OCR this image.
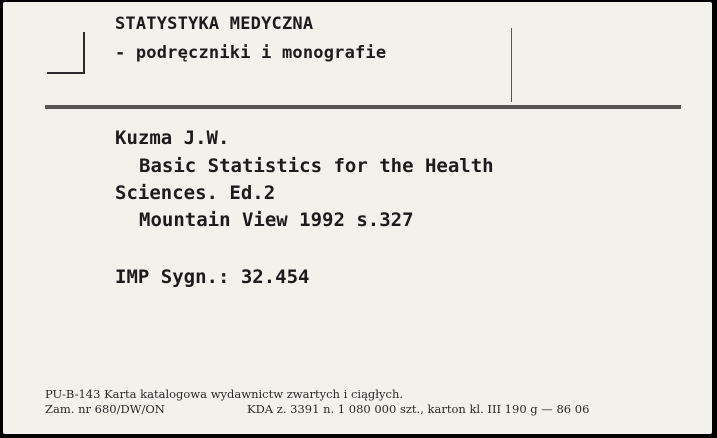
STATYSTYKA MEDYCZNA
- podręczniki i monografie
Kuzma J.W.
Basic Statistics for the Health
Sciences. Ed.2
Mountain View 1992 s.327
IMP Sygn.: 32.454
PU-B-143 Karta katalogowa wydawnictw zwartych i ciągłych.
Zam. nr 680/DW/ON	KDA z. 3391 n. 1 080 000 szt., karton kl. III 190 g — 86 06
